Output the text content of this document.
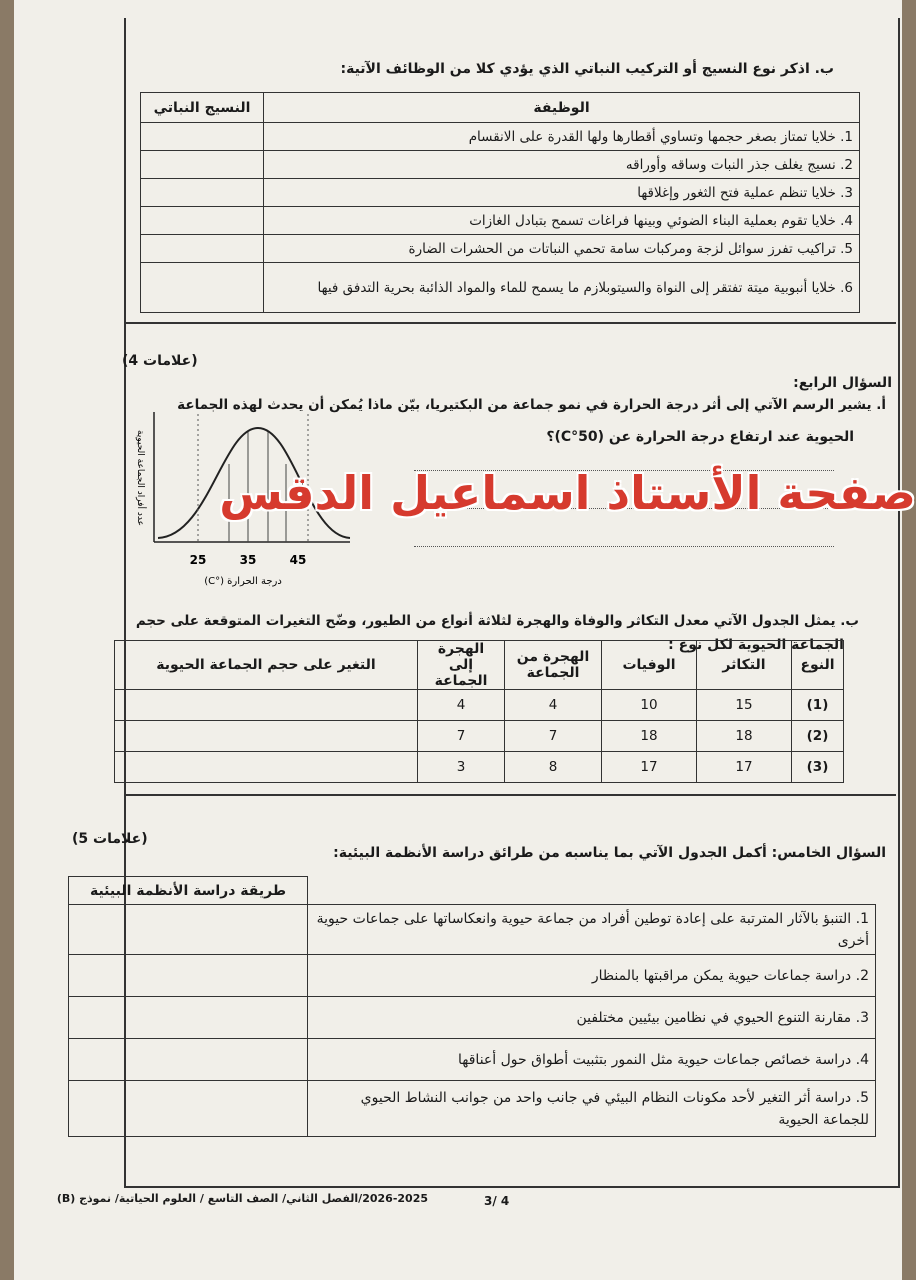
ب. اذكر نوع النسيج أو التركيب النباتي الذي يؤدي كلا من الوظائف الآتية:
النسيج النباتي	الوظيفة
	1. خلايا تمتاز بصغر حجمها وتساوي أقطارها ولها القدرة على الانقسام
	2. نسيج يغلف جذر النبات وساقه وأوراقه
	3. خلايا تنظم عملية فتح الثغور وإغلاقها
	4. خلايا تقوم بعملية البناء الضوئي وبينها فراغات تسمح بتبادل الغازات
	5. تراكيب تفرز سوائل لزجة ومركبات سامة تحمي النباتات من الحشرات الضارة
	6. خلايا أنبوبية ميتة تفتقر إلى النواة والسيتوبلازم ما يسمح للماء والمواد الذائبة بحرية التدفق فيها
(4 علامات)
السؤال الرابع:
أ. يشير الرسم الآتي إلى أثر درجة الحرارة في نمو جماعة من البكتيريا، بيّن ماذا يُمكن أن يحدث لهذه الجماعة
الحيوية عند ارتفاع درجة الحرارة عن (50°C)؟
25	35	45
درجة الحرارة (°C)
عدد أفراد الجماعة الحيوية صفحة الأستاذ اسماعيل الدقس
ب. يمثل الجدول الآتي معدل التكاثر والوفاة والهجرة لثلاثة أنواع من الطيور، وضّح التغيرات المتوقعة على حجم
الجماعة الحيوية لكل نوع :
التغير على حجم الجماعة الحيوية	الهجرة إلى الجماعة	الهجرة من الجماعة	الوفيات	التكاثر	النوع
	4	4	10	15	(1)
	7	7	18	18	(2)
	3	8	17	17	(3)
(5 علامات)
السؤال الخامس: أكمل الجدول الآتي بما يناسبه من طرائق دراسة الأنظمة البيئية:
طريقة دراسة الأنظمة البيئية	
	1. التنبؤ بالآثار المترتبة على إعادة توطين أفراد من جماعة حيوية وانعكاساتها على جماعات حيوية أخرى
	2. دراسة جماعات حيوية يمكن مراقبتها بالمنظار
	3. مقارنة التنوع الحيوي في نظامين بيئيين مختلفين
	4. دراسة خصائص جماعات حيوية مثل النمور بتثبيت أطواق حول أعناقها
	5. دراسة أثر التغير لأحد مكونات النظام البيئي في جانب واحد من جوانب النشاط الحيوي للجماعة الحيوية
3/ 4
2026-2025/الفصل الثاني/ الصف التاسع / العلوم الحياتية/ نموذج (B)
